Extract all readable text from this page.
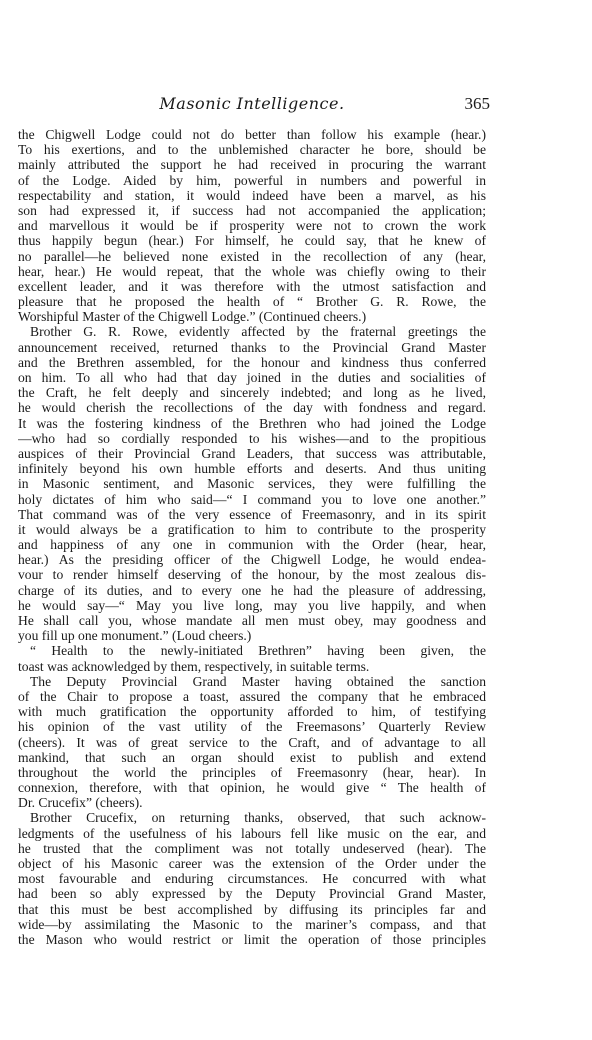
Masonic Intelligence.	365
the Chigwell Lodge could not do better than follow his example (hear.)
To his exertions, and to the unblemished character he bore, should be
mainly attributed the support he had received in procuring the warrant
of the Lodge. Aided by him, powerful in numbers and powerful in
respectability and station, it would indeed have been a marvel, as his
son had expressed it, if success had not accompanied the application;
and marvellous it would be if prosperity were not to crown the work
thus happily begun (hear.) For himself, he could say, that he knew of
no parallel—he believed none existed in the recollection of any (hear,
hear, hear.) He would repeat, that the whole was chiefly owing to their
excellent leader, and it was therefore with the utmost satisfaction and
pleasure that he proposed the health of “ Brother G. R. Rowe, the
Worshipful Master of the Chigwell Lodge.” (Continued cheers.)
Brother G. R. Rowe, evidently affected by the fraternal greetings the
announcement received, returned thanks to the Provincial Grand Master
and the Brethren assembled, for the honour and kindness thus conferred
on him. To all who had that day joined in the duties and socialities of
the Craft, he felt deeply and sincerely indebted; and long as he lived,
he would cherish the recollections of the day with fondness and regard.
It was the fostering kindness of the Brethren who had joined the Lodge
—who had so cordially responded to his wishes—and to the propitious
auspices of their Provincial Grand Leaders, that success was attributable,
infinitely beyond his own humble efforts and deserts. And thus uniting
in Masonic sentiment, and Masonic services, they were fulfilling the
holy dictates of him who said—“ I command you to love one another.”
That command was of the very essence of Freemasonry, and in its spirit
it would always be a gratification to him to contribute to the prosperity
and happiness of any one in communion with the Order (hear, hear,
hear.) As the presiding officer of the Chigwell Lodge, he would endea-
vour to render himself deserving of the honour, by the most zealous dis-
charge of its duties, and to every one he had the pleasure of addressing,
he would say—“ May you live long, may you live happily, and when
He shall call you, whose mandate all men must obey, may goodness and
you fill up one monument.” (Loud cheers.)
“ Health to the newly-initiated Brethren” having been given, the
toast was acknowledged by them, respectively, in suitable terms.
The Deputy Provincial Grand Master having obtained the sanction
of the Chair to propose a toast, assured the company that he embraced
with much gratification the opportunity afforded to him, of testifying
his opinion of the vast utility of the Freemasons’ Quarterly Review
(cheers). It was of great service to the Craft, and of advantage to all
mankind, that such an organ should exist to publish and extend
throughout the world the principles of Freemasonry (hear, hear). In
connexion, therefore, with that opinion, he would give “ The health of
Dr. Crucefix” (cheers).
Brother Crucefix, on returning thanks, observed, that such acknow-
ledgments of the usefulness of his labours fell like music on the ear, and
he trusted that the compliment was not totally undeserved (hear). The
object of his Masonic career was the extension of the Order under the
most favourable and enduring circumstances. He concurred with what
had been so ably expressed by the Deputy Provincial Grand Master,
that this must be best accomplished by diffusing its principles far and
wide—by assimilating the Masonic to the mariner’s compass, and that
the Mason who would restrict or limit the operation of those principles
